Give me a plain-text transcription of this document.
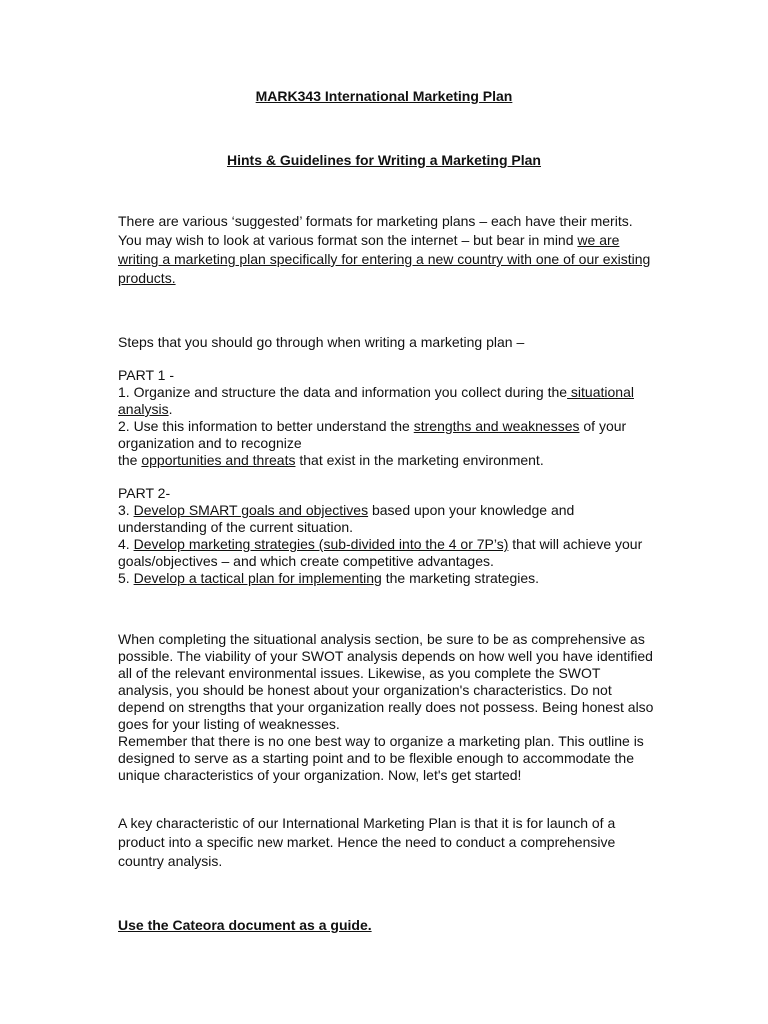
MARK343 International Marketing Plan
Hints & Guidelines for Writing a Marketing Plan
There are various ‘suggested’ formats for marketing plans – each have their merits. You may wish to look at various format son the internet – but bear in mind we are writing a marketing plan specifically for entering a new country with one of our existing products.
Steps that you should go through when writing a marketing plan –
PART 1 -
1. Organize and structure the data and information you collect during the situational analysis.
2. Use this information to better understand the strengths and weaknesses of your organization and to recognize
the opportunities and threats that exist in the marketing environment.
PART 2-
3. Develop SMART goals and objectives based upon your knowledge and understanding of the current situation.
4. Develop marketing strategies (sub-divided into the 4 or 7P’s) that will achieve your goals/objectives – and which create competitive advantages.
5. Develop a tactical plan for implementing the marketing strategies.
When completing the situational analysis section, be sure to be as comprehensive as possible. The viability of your SWOT analysis depends on how well you have identified all of the relevant environmental issues. Likewise, as you complete the SWOT analysis, you should be honest about your organization's characteristics. Do not depend on strengths that your organization really does not possess. Being honest also goes for your listing of weaknesses.
Remember that there is no one best way to organize a marketing plan. This outline is designed to serve as a starting point and to be flexible enough to accommodate the unique characteristics of your organization. Now, let's get started!
A key characteristic of our International Marketing Plan is that it is for launch of a product into a specific new market. Hence the need to conduct a comprehensive country analysis.
Use the Cateora document as a guide.
